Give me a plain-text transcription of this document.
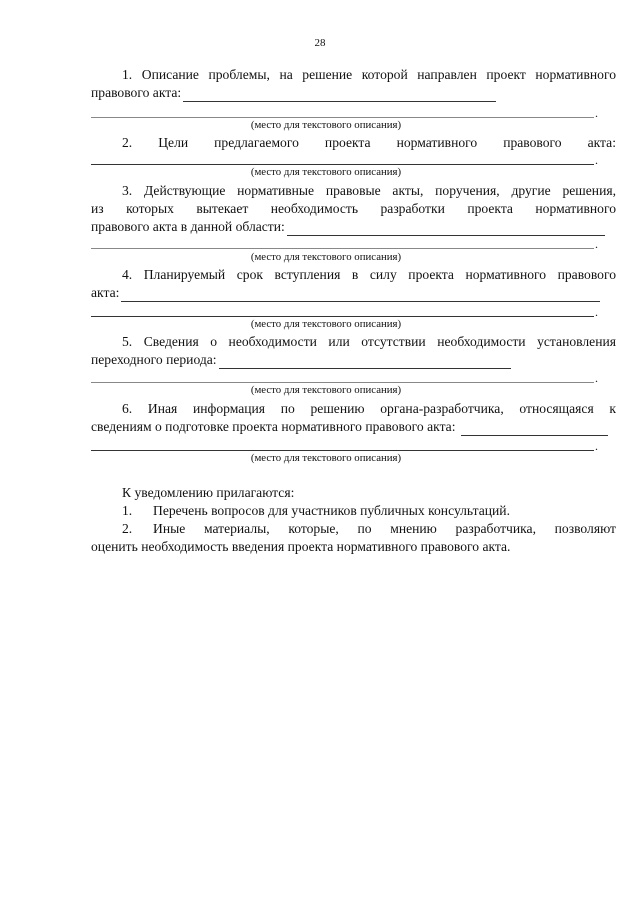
28
1. Описание проблемы, на решение которой направлен проект нормативного
правового акта:
.
(место для текстового описания)
2. Цели предлагаемого проекта нормативного правового акта:
.
(место для текстового описания)
3. Действующие нормативные правовые акты, поручения, другие решения,
из которых вытекает необходимость разработки проекта нормативного
правового акта в данной области:
.
(место для текстового описания)
4. Планируемый срок вступления в силу проекта нормативного правового
акта:
.
(место для текстового описания)
5. Сведения о необходимости или отсутствии необходимости установления
переходного периода:
.
(место для текстового описания)
6. Иная информация по решению органа-разработчика, относящаяся к
сведениям о подготовке проекта нормативного правового акта:
.
(место для текстового описания)
К уведомлению прилагаются:
1. Перечень вопросов для участников публичных консультаций.
2.	Иные материалы, которые, по мнению разработчика, позволяют
оценить необходимость введения проекта нормативного правового акта.
